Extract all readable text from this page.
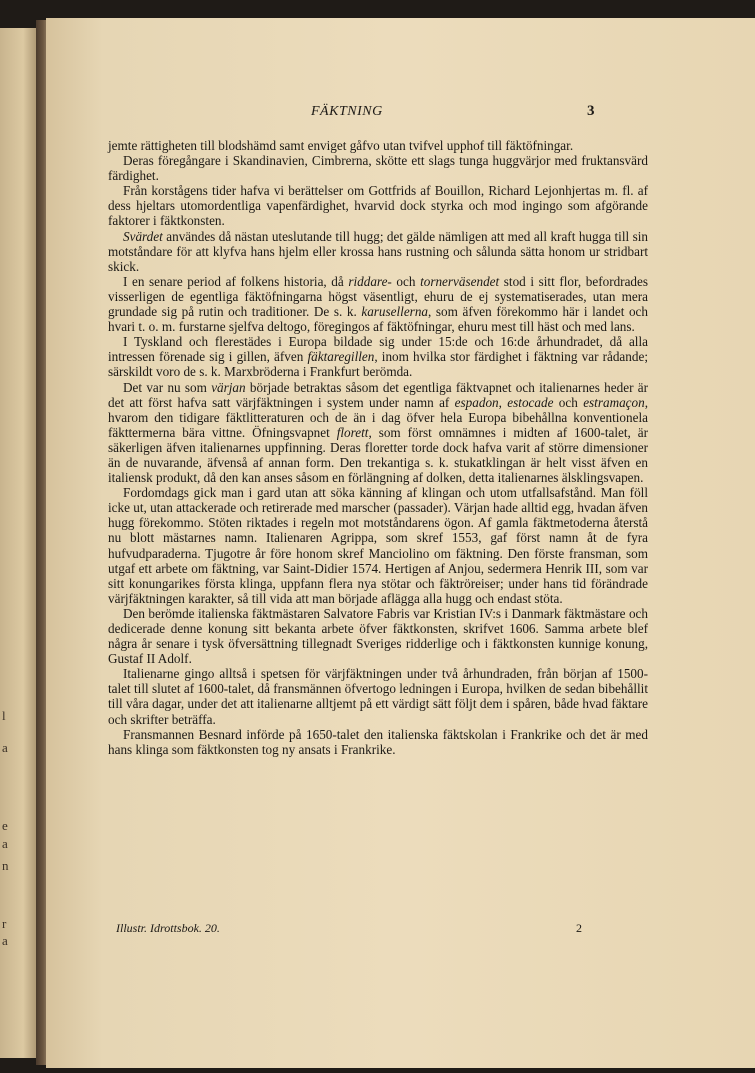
l
a
e
a
n
r
a
FÄKTNING	3

jemte rättigheten till blodshämd samt enviget gåfvo utan tvifvel upphof till fäktöfningar.

Deras föregångare i Skandinavien, Cimbrerna, skötte ett slags tunga huggvärjor med fruktansvärd färdighet.

Från korstågens tider hafva vi berättelser om Gottfrids af Bouillon, Richard Lejonhjertas m. fl. af dess hjeltars utomordentliga vapenfärdighet, hvarvid dock styrka och mod ingingo som afgörande faktorer i fäktkonsten.

Svärdet användes då nästan uteslutande till hugg; det gälde nämligen att med all kraft hugga till sin motståndare för att klyfva hans hjelm eller krossa hans rustning och sålunda sätta honom ur stridbart skick.

I en senare period af folkens historia, då riddare- och tornerväsendet stod i sitt flor, befordrades visserligen de egentliga fäktöfningarna högst väsentligt, ehuru de ej systematiserades, utan mera grundade sig på rutin och traditioner. De s. k. karusellerna, som äfven förekommo här i landet och hvari t. o. m. furstarne sjelfva deltogo, föregingos af fäktöfningar, ehuru mest till häst och med lans.

I Tyskland och flerestädes i Europa bildade sig under 15:de och 16:de århundradet, då alla intressen förenade sig i gillen, äfven fäktaregillen, inom hvilka stor färdighet i fäktning var rådande; särskildt voro de s. k. Marxbröderna i Frankfurt berömda.

Det var nu som värjan började betraktas såsom det egentliga fäktvapnet och italienarnes heder är det att först hafva satt värjfäktningen i system under namn af espadon, estocade och estramaçon, hvarom den tidigare fäktlitteraturen och de än i dag öfver hela Europa bibehållna konventionela fäkttermerna bära vittne. Öfningsvapnet florett, som först omnämnes i midten af 1600-talet, är säkerligen äfven italienarnes uppfinning. Deras floretter torde dock hafva varit af större dimensioner än de nuvarande, äfvenså af annan form. Den trekantiga s. k. stukatklingan är helt visst äfven en italiensk produkt, då den kan anses såsom en förlängning af dolken, detta italienarnes älsklingsvapen.

Fordomdags gick man i gard utan att söka känning af klingan och utom utfallsafstånd. Man föll icke ut, utan attackerade och retirerade med marscher (passader). Värjan hade alltid egg, hvadan äfven hugg förekommo. Stöten riktades i regeln mot motståndarens ögon. Af gamla fäktmetoderna återstå nu blott mästarnes namn. Italienaren Agrippa, som skref 1553, gaf först namn åt de fyra hufvudparaderna. Tjugotre år före honom skref Manciolino om fäktning. Den förste fransman, som utgaf ett arbete om fäktning, var Saint-Didier 1574. Hertigen af Anjou, sedermera Henrik III, som var sitt konungarikes första klinga, uppfann flera nya stötar och fäktröreiser; under hans tid förändrade värjfäktningen karakter, så till vida att man började aflägga alla hugg och endast stöta.

Den berömde italienska fäktmästaren Salvatore Fabris var Kristian IV:s i Danmark fäktmästare och dedicerade denne konung sitt bekanta arbete öfver fäktkonsten, skrifvet 1606. Samma arbete blef några år senare i tysk öfversättning tillegnadt Sveriges ridderlige och i fäktkonsten kunnige konung, Gustaf II Adolf.

Italienarne gingo alltså i spetsen för värjfäktningen under två århundraden, från början af 1500-talet till slutet af 1600-talet, då fransmännen öfvertogo ledningen i Europa, hvilken de sedan bibehållit till våra dagar, under det att italienarne alltjemt på ett värdigt sätt följt dem i spåren, både hvad fäktare och skrifter beträffa.

Fransmannen Besnard införde på 1650-talet den italienska fäktskolan i Frankrike och det är med hans klinga som fäktkonsten tog ny ansats i Frankrike.

Illustr. Idrottsbok. 20.	2
